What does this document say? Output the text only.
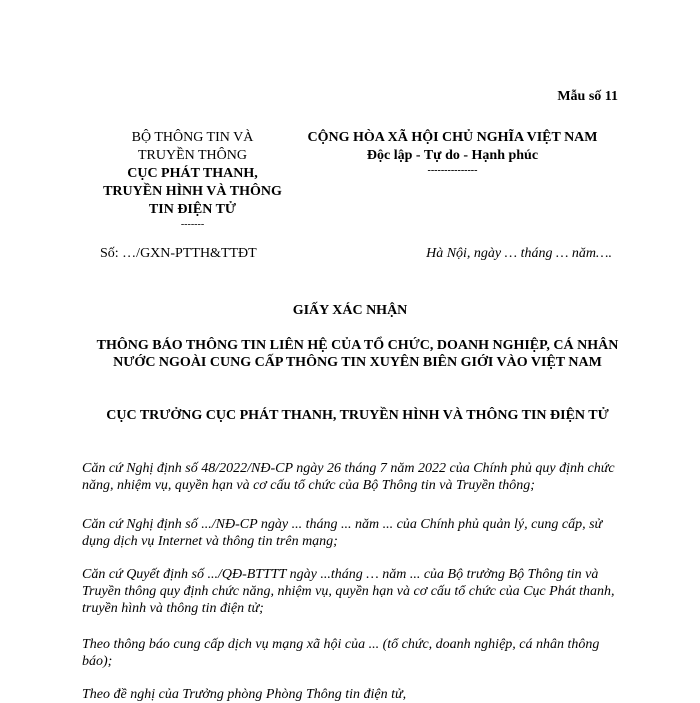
Mẫu số 11
BỘ THÔNG TIN VÀ
TRUYỀN THÔNG
CỤC PHÁT THANH,
TRUYỀN HÌNH VÀ THÔNG
TIN ĐIỆN TỬ
-------
CỘNG HÒA XÃ HỘI CHỦ NGHĨA VIỆT NAM
Độc lập - Tự do - Hạnh phúc
---------------
Số: …/GXN-PTTH&TTĐT	Hà Nội, ngày … tháng … năm….
GIẤY XÁC NHẬN
THÔNG BÁO THÔNG TIN LIÊN HỆ CỦA TỔ CHỨC, DOANH NGHIỆP, CÁ NHÂN NƯỚC NGOÀI CUNG CẤP THÔNG TIN XUYÊN BIÊN GIỚI VÀO VIỆT NAM
CỤC TRƯỞNG CỤC PHÁT THANH, TRUYỀN HÌNH VÀ THÔNG TIN ĐIỆN TỬ
Căn cứ Nghị định số 48/2022/NĐ-CP ngày 26 tháng 7 năm 2022 của Chính phủ quy định chức năng, nhiệm vụ, quyền hạn và cơ cấu tổ chức của Bộ Thông tin và Truyền thông;
Căn cứ Nghị định số .../NĐ-CP ngày ... tháng ... năm ... của Chính phủ quản lý, cung cấp, sử dụng dịch vụ Internet và thông tin trên mạng;
Căn cứ Quyết định số .../QĐ-BTTTT ngày ...tháng … năm ... của Bộ trưởng Bộ Thông tin và Truyền thông quy định chức năng, nhiệm vụ, quyền hạn và cơ cấu tổ chức của Cục Phát thanh, truyền hình và thông tin điện tử;
Theo thông báo cung cấp dịch vụ mạng xã hội của ... (tổ chức, doanh nghiệp, cá nhân thông báo);
Theo đề nghị của Trưởng phòng Phòng Thông tin điện tử,
